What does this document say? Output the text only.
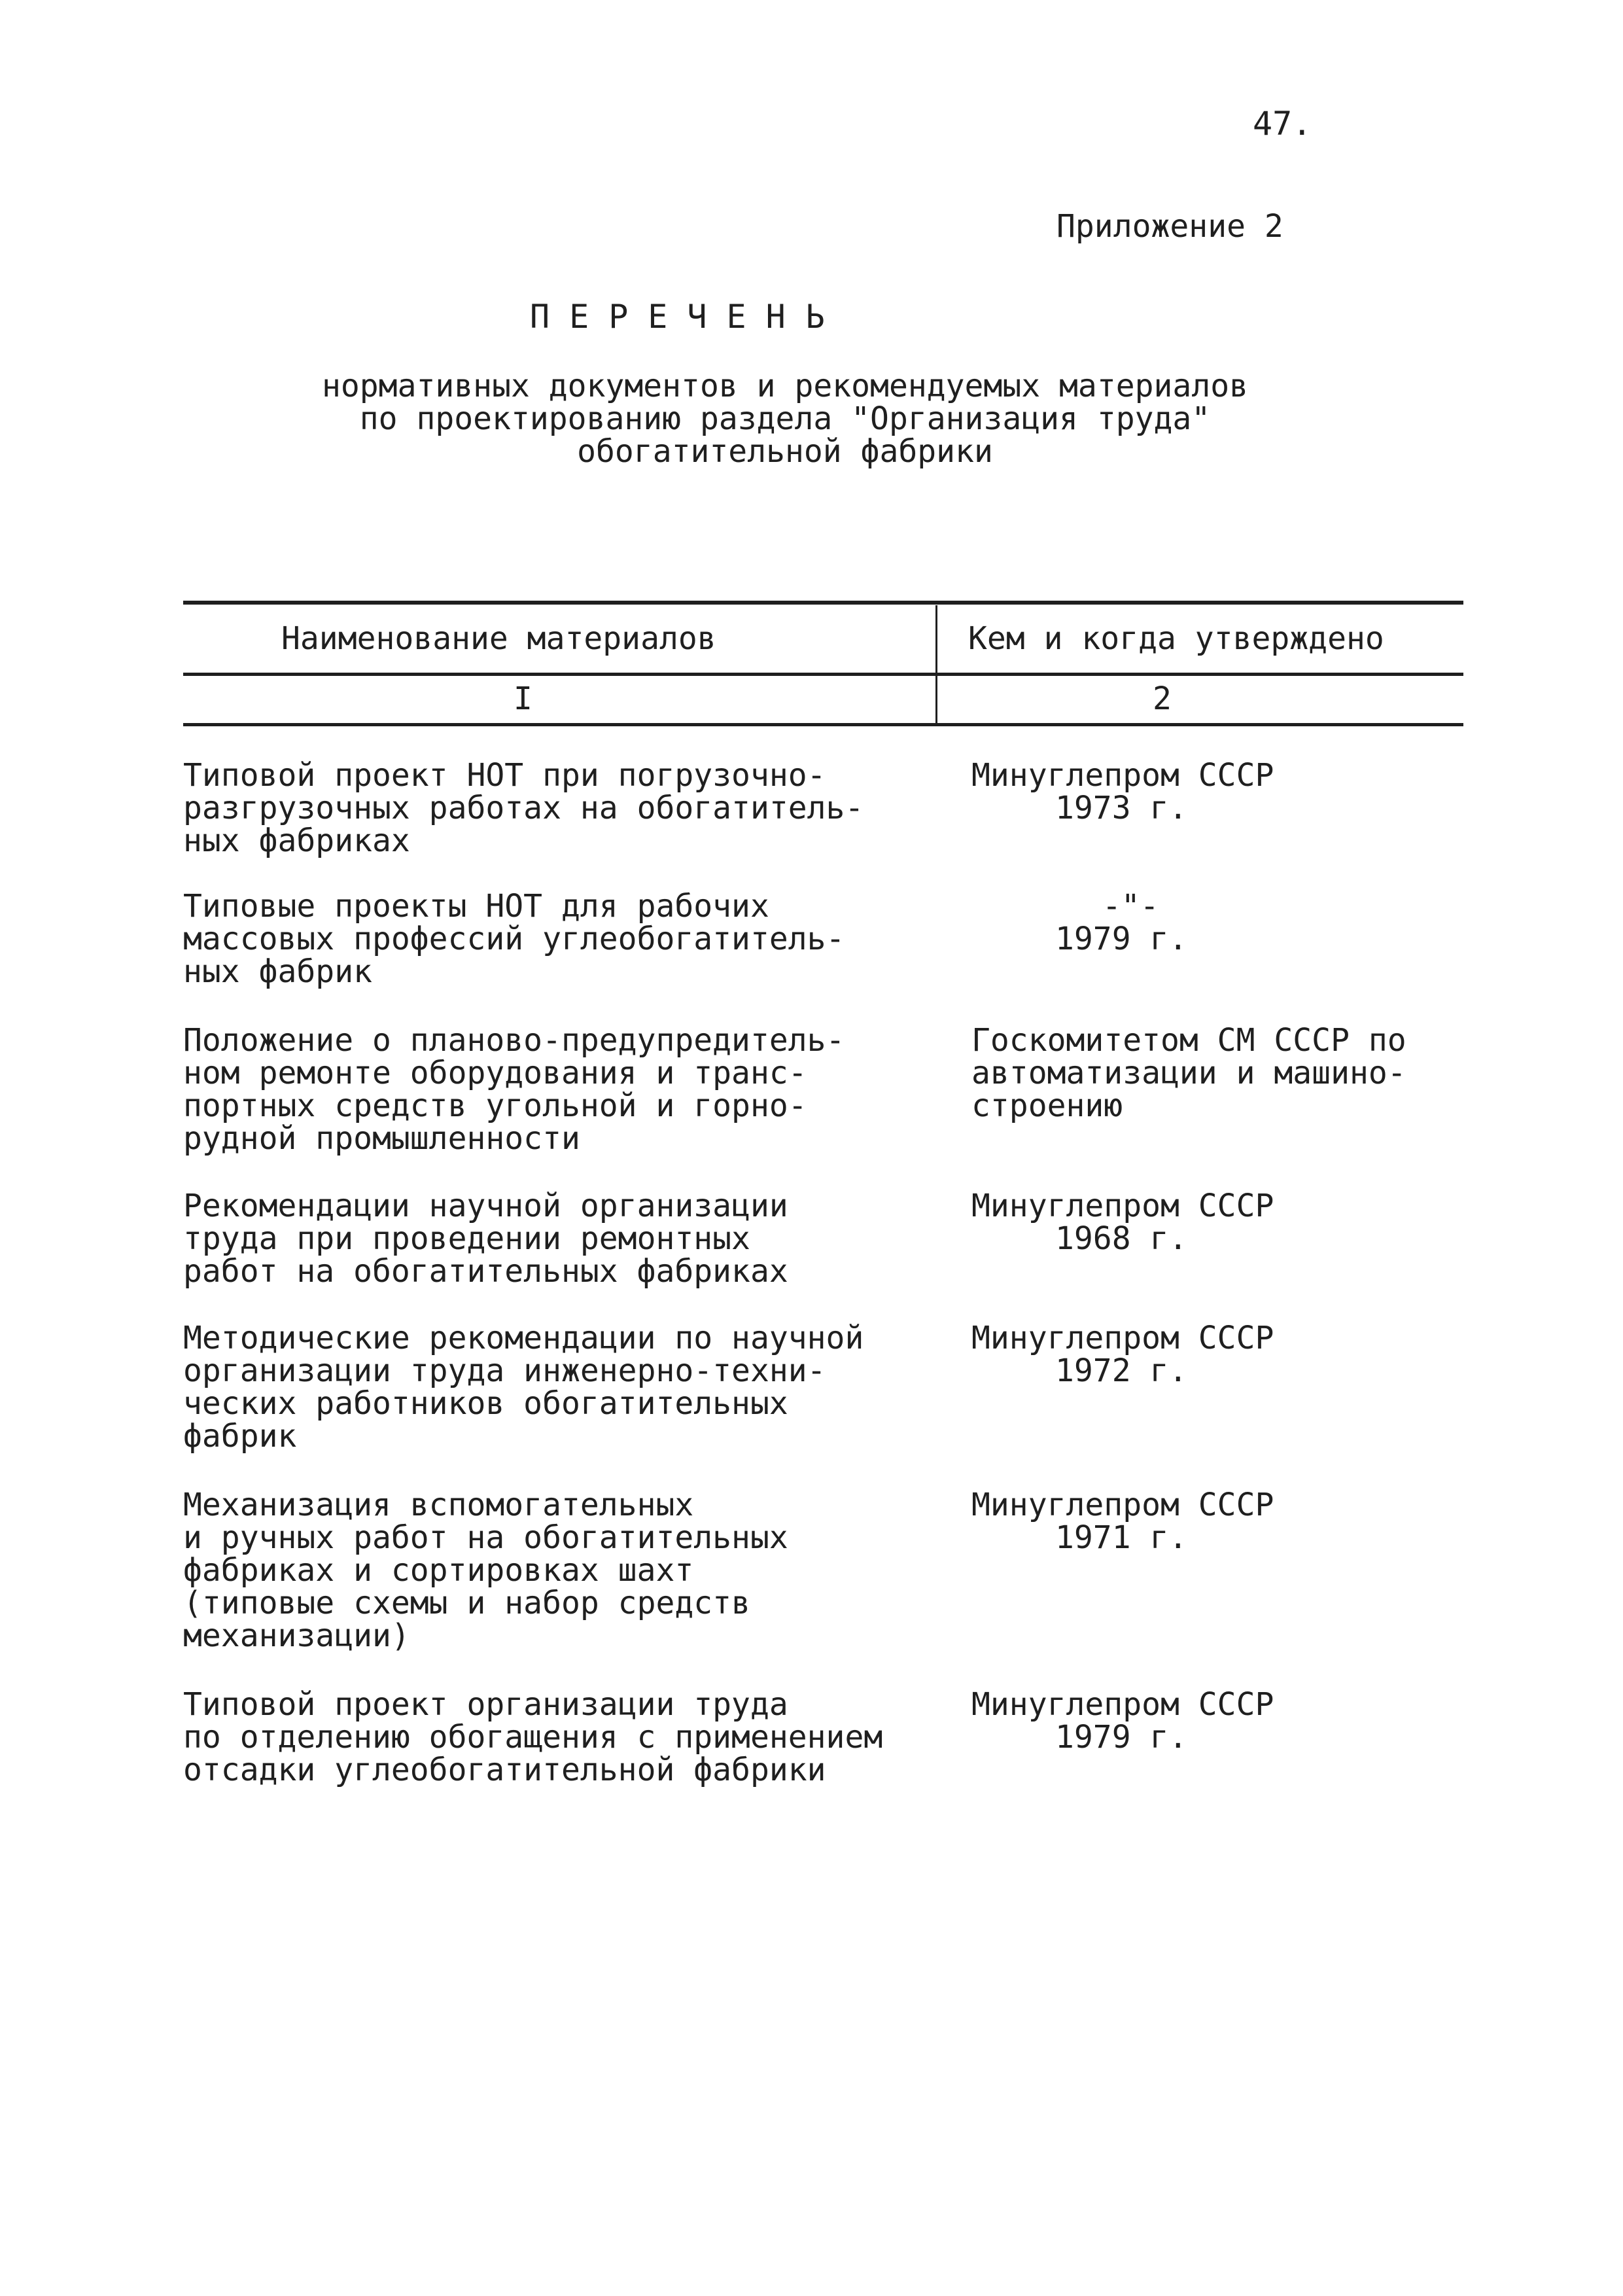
47.
Приложение 2
ПЕРЕЧЕНЬ
нормативных документов и рекомендуемых материалов
по проектированию раздела "Организация труда"
обогатительной фабрики
Наименование материалов	Кем и когда утверждено
I	2
Типовой проект НОТ при погрузочно-
разгрузочных работах на обогатитель-
ных фабриках
Минуглепром СССР
1973 г.
Типовые проекты НОТ для рабочих
массовых профессий углеобогатитель-
ных фабрик
-"-
1979 г.
Положение о планово-предупредитель-
ном ремонте оборудования и транс-
портных средств угольной и горно-
рудной промышленности
Госкомитетом СМ СССР по
автоматизации и машино-
строению
Рекомендации научной организации
труда при проведении ремонтных
работ на обогатительных фабриках
Минуглепром СССР
1968 г.
Методические рекомендации по научной
организации труда инженерно-техни-
ческих работников обогатительных
фабрик
Минуглепром СССР
1972 г.
Механизация вспомогательных
и ручных работ на обогатительных
фабриках и сортировках шахт
(типовые схемы и набор средств
механизации)
Минуглепром СССР
1971 г.
Типовой проект организации труда
по отделению обогащения с применением
отсадки углеобогатительной фабрики
Минуглепром СССР
1979 г.
